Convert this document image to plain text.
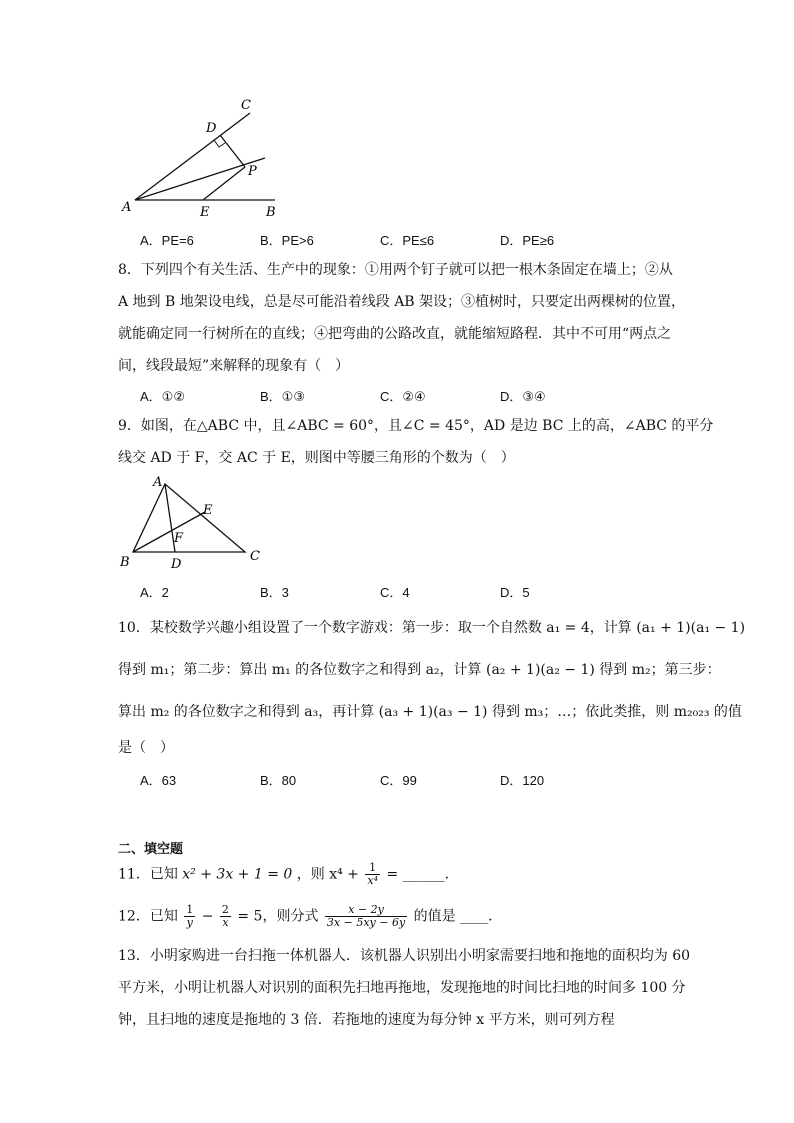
A	B
C
D
E
P
A．PE=6	B．PE>6	C．PE≤6	D．PE≥6
8．下列四个有关生活、生产中的现象：①用两个钉子就可以把一根木条固定在墙上；②从
A 地到 B 地架设电线，总是尽可能沿着线段 AB 架设；③植树时，只要定出两棵树的位置，
就能确定同一行树所在的直线；④把弯曲的公路改直，就能缩短路程．其中不可用“两点之
间，线段最短”来解释的现象有（　）
A．①②	B．①③	C．②④	D．③④
9．如图，在△ABC 中，且∠ABC = 60°，且∠C = 45°，AD 是边 BC 上的高，∠ABC 的平分
线交 AD 于 F，交 AC 于 E，则图中等腰三角形的个数为（　）
A
B	C
D
E
F
A．2	B．3	C．4	D．5
10．某校数学兴趣小组设置了一个数字游戏：第一步：取一个自然数 a₁ = 4，计算 (a₁ + 1)(a₁ − 1)
得到 m₁；第二步：算出 m₁ 的各位数字之和得到 a₂，计算 (a₂ + 1)(a₂ − 1) 得到 m₂；第三步：
算出 m₂ 的各位数字之和得到 a₃，再计算 (a₃ + 1)(a₃ − 1) 得到 m₃；…；依此类推，则 m₂₀₂₃ 的值
是（　）
A．63	B．80	C．99	D．120
二、填空题
11．已知 x² + 3x + 1 = 0 ，则 $x^4 + \frac{1}{\text{x⁴}}$ = ______．
12．已知 $\frac{1}{y} - \frac{2}{x} = 5$，则分式 $\frac{x - 2y}{3x - 5xy - 6y}$ 的值是 ____．
13．小明家购进一台扫拖一体机器人．该机器人识别出小明家需要扫地和拖地的面积均为 60
平方米，小明让机器人对识别的面积先扫地再拖地，发现拖地的时间比扫地的时间多 100 分
钟，且扫地的速度是拖地的 3 倍．若拖地的速度为每分钟 x 平方米，则可列方程
